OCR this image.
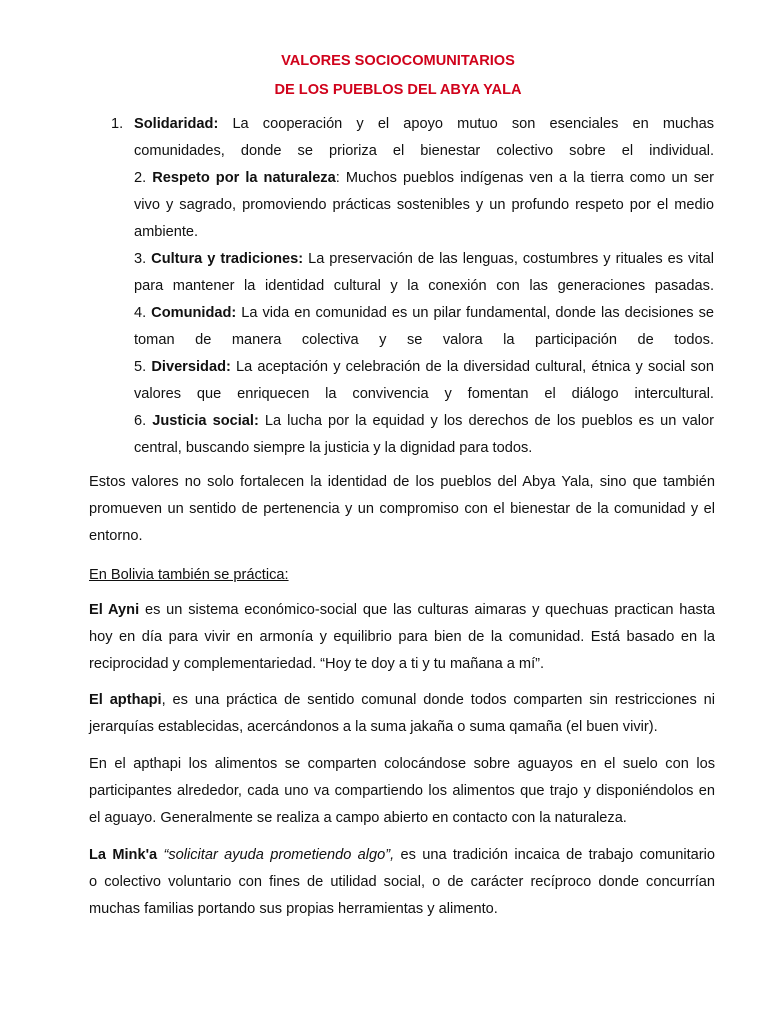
VALORES SOCIOCOMUNITARIOS
DE LOS PUEBLOS DEL ABYA YALA
1. Solidaridad: La cooperación y el apoyo mutuo son esenciales en muchas
comunidades, donde se prioriza el bienestar colectivo sobre el individual.
2. Respeto por la naturaleza: Muchos pueblos indígenas ven a la tierra como un ser
vivo y sagrado, promoviendo prácticas sostenibles y un profundo respeto por el medio
ambiente.
3. Cultura y tradiciones: La preservación de las lenguas, costumbres y rituales es vital
para mantener la identidad cultural y la conexión con las generaciones pasadas.
4. Comunidad: La vida en comunidad es un pilar fundamental, donde las decisiones se
toman de manera colectiva y se valora la participación de todos.
5. Diversidad: La aceptación y celebración de la diversidad cultural, étnica y social son
valores que enriquecen la convivencia y fomentan el diálogo intercultural.
6. Justicia social: La lucha por la equidad y los derechos de los pueblos es un valor
central, buscando siempre la justicia y la dignidad para todos.
Estos valores no solo fortalecen la identidad de los pueblos del Abya Yala, sino que también
promueven un sentido de pertenencia y un compromiso con el bienestar de la comunidad y el
entorno.
En Bolivia también se práctica:
El Ayni es un sistema económico-social que las culturas aimaras y quechuas practican hasta
hoy en día para vivir en armonía y equilibrio para bien de la comunidad. Está basado en la
reciprocidad y complementariedad. “Hoy te doy a ti y tu mañana a mí”.
El apthapi, es una práctica de sentido comunal donde todos comparten sin restricciones ni
jerarquías establecidas, acercándonos a la suma jakaña o suma qamaña (el buen vivir).
En el apthapi los alimentos se comparten colocándose sobre aguayos en el suelo con los
participantes alrededor, cada uno va compartiendo los alimentos que trajo y disponiéndolos en
el aguayo. Generalmente se realiza a campo abierto en contacto con la naturaleza.
La Mink'a “solicitar ayuda prometiendo algo”, es una tradición incaica de trabajo comunitario
o colectivo voluntario con fines de utilidad social, o de carácter recíproco donde concurrían
muchas familias portando sus propias herramientas y alimento.
